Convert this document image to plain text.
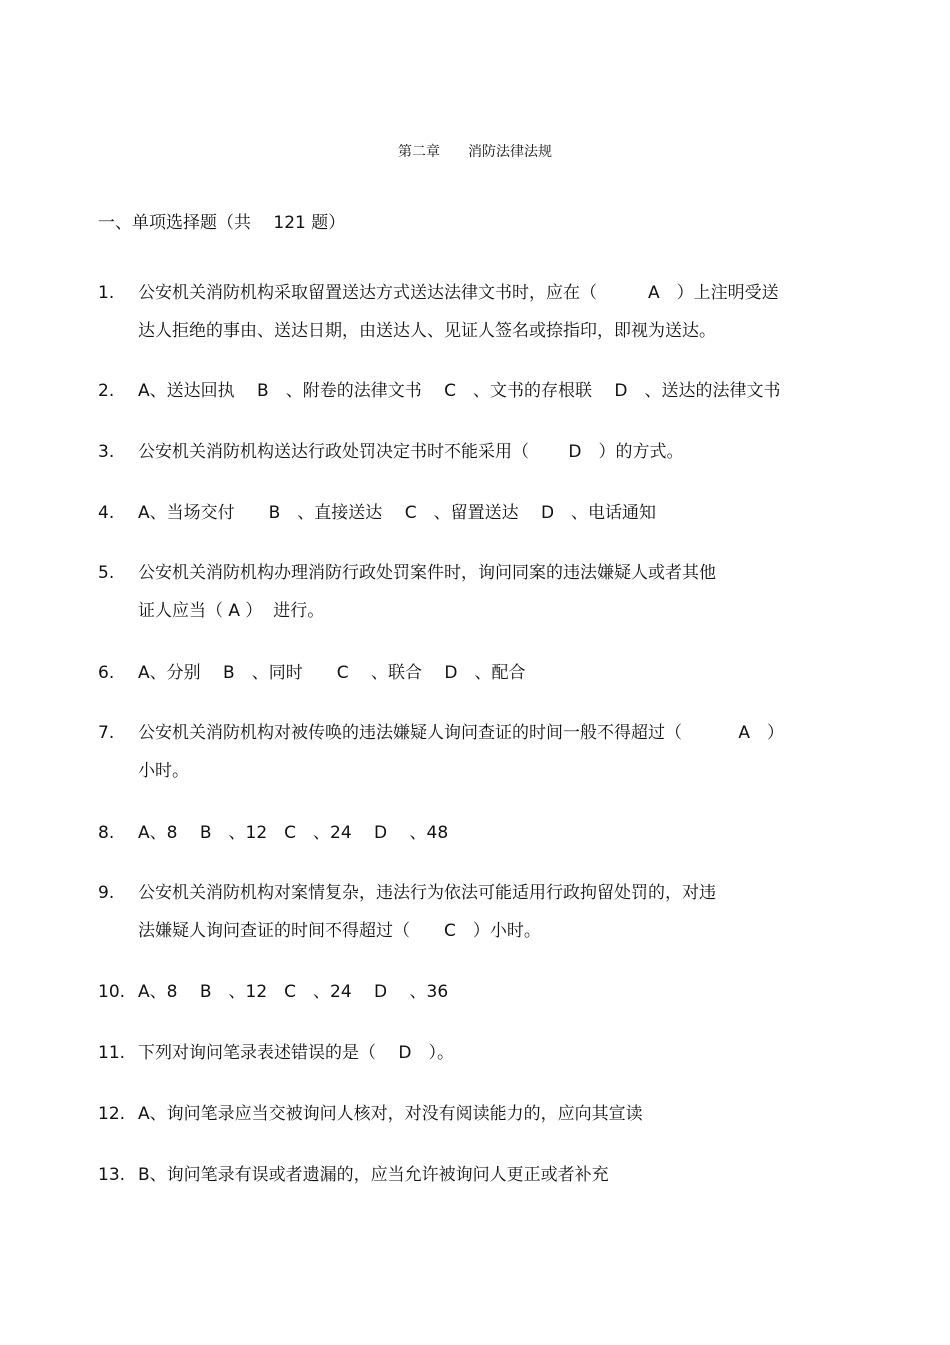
第二章　　消防法律法规
一、单项选择题（共　 121 题）
1. 公安机关消防机构采取留置送达方式送达法律文书时，应在（　　　A　）上注明受送
达人拒绝的事由、送达日期，由送达人、见证人签名或捺指印，即视为送达。
2. A、送达回执　 B　、附卷的法律文书　 C　、文书的存根联　 D　、送达的法律文书
3. 公安机关消防机构送达行政处罚决定书时不能采用（　　 D　）的方式。
4. A、当场交付　　B　、直接送达　 C　、留置送达　 D　、电话通知
5. 公安机关消防机构办理消防行政处罚案件时，询问同案的违法嫌疑人或者其他
证人应当（ A ）  进行。
6. A、分别　 B　、同时　　C　 、联合　 D　、配合
7. 公安机关消防机构对被传唤的违法嫌疑人询问查证的时间一般不得超过（　　　 A　）
小时。
8. A、8　 B　、12　C　、24　 D　 、48
9. 公安机关消防机构对案情复杂，违法行为依法可能适用行政拘留处罚的，对违
法嫌疑人询问查证的时间不得超过（　　C　）小时。
10. A、8　 B　、12　C　、24　 D　 、36
11. 下列对询问笔录表述错误的是（　 D　）。
12. A、询问笔录应当交被询问人核对，对没有阅读能力的，应向其宣读
13. B、询问笔录有误或者遗漏的，应当允许被询问人更正或者补充
